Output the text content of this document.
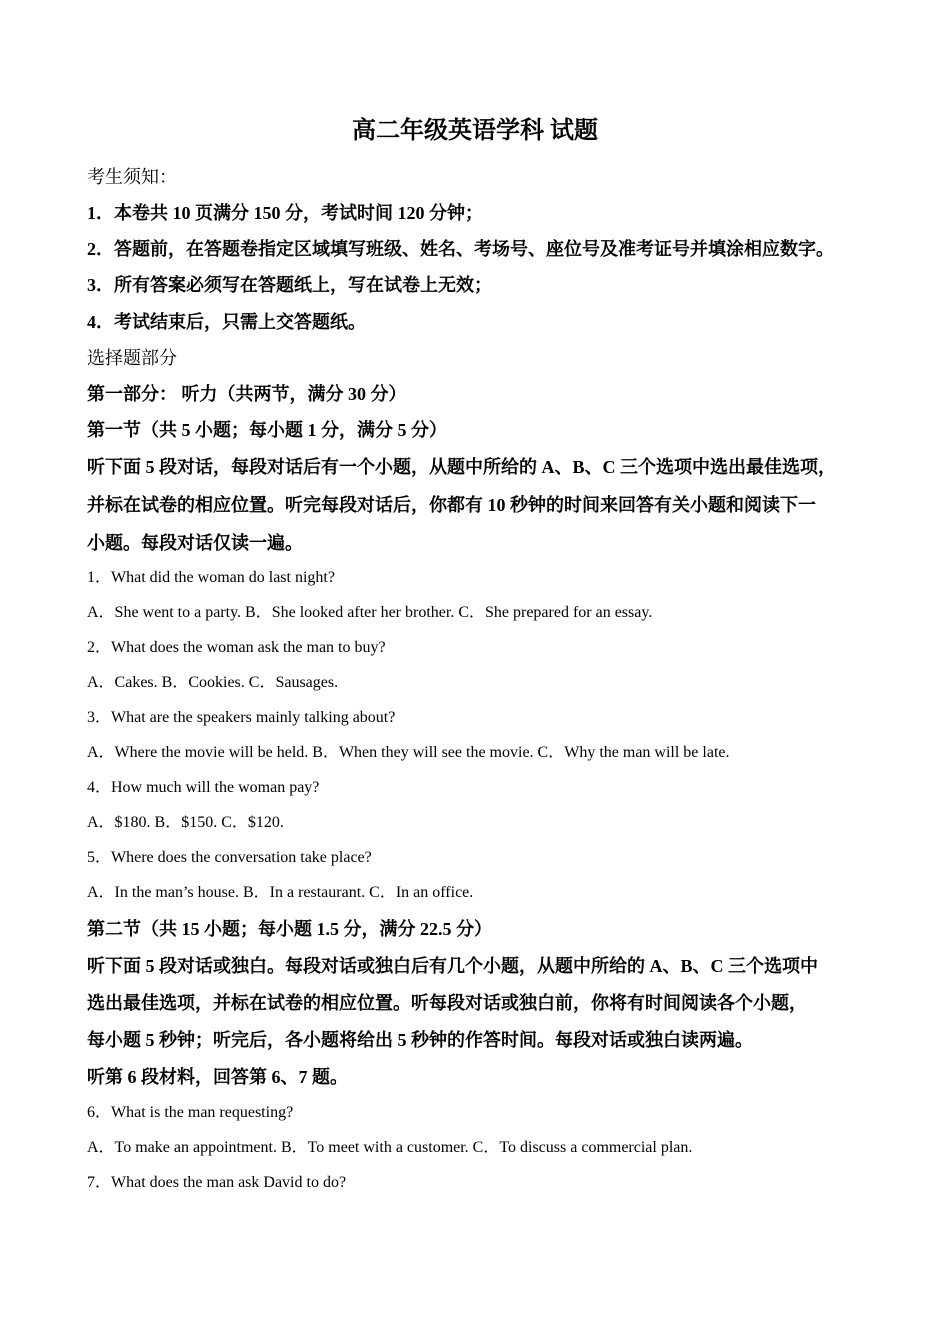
高二年级英语学科 试题
考生须知：
1．本卷共 10 页满分 150 分，考试时间 120 分钟；
2．答题前，在答题卷指定区域填写班级、姓名、考场号、座位号及准考证号并填涂相应数字。
3．所有答案必须写在答题纸上，写在试卷上无效；
4．考试结束后，只需上交答题纸。
选择题部分
第一部分： 听力（共两节，满分 30 分）
第一节（共 5 小题；每小题 1 分，满分 5 分）
听下面 5 段对话，每段对话后有一个小题，从题中所给的 A、B、C 三个选项中选出最佳选项，
并标在试卷的相应位置。听完每段对话后，你都有 10 秒钟的时间来回答有关小题和阅读下一
小题。每段对话仅读一遍。
1．What did the woman do last night?
A．She went to a party. B．She looked after her brother. C．She prepared for an essay.
2．What does the woman ask the man to buy?
A．Cakes. B．Cookies. C．Sausages.
3．What are the speakers mainly talking about?
A．Where the movie will be held. B．When they will see the movie. C．Why the man will be late.
4．How much will the woman pay?
A．$180. B．$150. C．$120.
5．Where does the conversation take place?
A．In the man’s house. B．In a restaurant. C．In an office.
第二节（共 15 小题；每小题 1.5 分，满分 22.5 分）
听下面 5 段对话或独白。每段对话或独白后有几个小题，从题中所给的 A、B、C 三个选项中
选出最佳选项，并标在试卷的相应位置。听每段对话或独白前，你将有时间阅读各个小题，
每小题 5 秒钟；听完后，各小题将给出 5 秒钟的作答时间。每段对话或独白读两遍。
听第 6 段材料，回答第 6、7 题。
6．What is the man requesting?
A．To make an appointment. B．To meet with a customer. C．To discuss a commercial plan.
7．What does the man ask David to do?
